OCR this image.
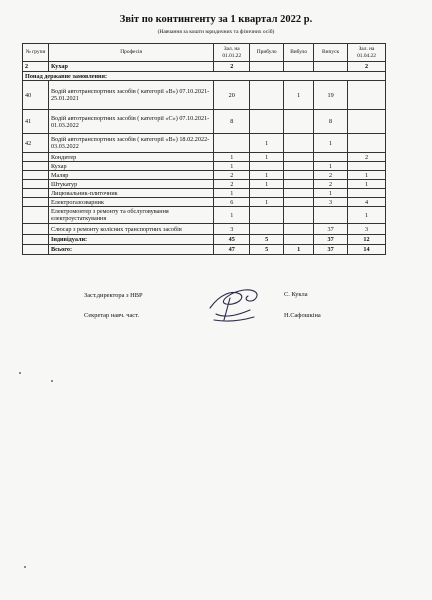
Звіт по контингенту за 1 квартал 2022 р.
(Навчання за кошти юридичних та фізичних осіб)
№ групи	Професія	Зал. на 01.01.22	Прибуло	Вибуло	Випуск	Зал. на 01.04.22
2	Кухар	2				2
Понад державне замовлення:						
40	Водій автотранспортних засобів ( категорії «В») 07.10.2021-25.01.2021	20		1	19	
41	Водій автотранспортних засобів ( категорії «С») 07.10.2021-01.03.2022	8			8	
42	Водій автотранспортних засобів ( категорії «В») 18.02.2022- 03.03.2022		1		1	
	Кондитер	1	1			2
	Кухар	1			1	
	Маляр	2	1		2	1
	Штукатур	2	1		2	1
	Лицювальник-плиточник	1			1	
	Електрогазозварник	6	1		3	4
	Електромонтер з ремонту та обслуговування електроустаткування	1				1
	Слюсар з ремонту колісних транспортних засобів	3			37	3
	Індивідуали:	45	5		37	12
	Всього:	47	5	1	37	14
Заст.директора з НВР	С. Кукла
Секретар навч. част.	Н.Сафошкіна
